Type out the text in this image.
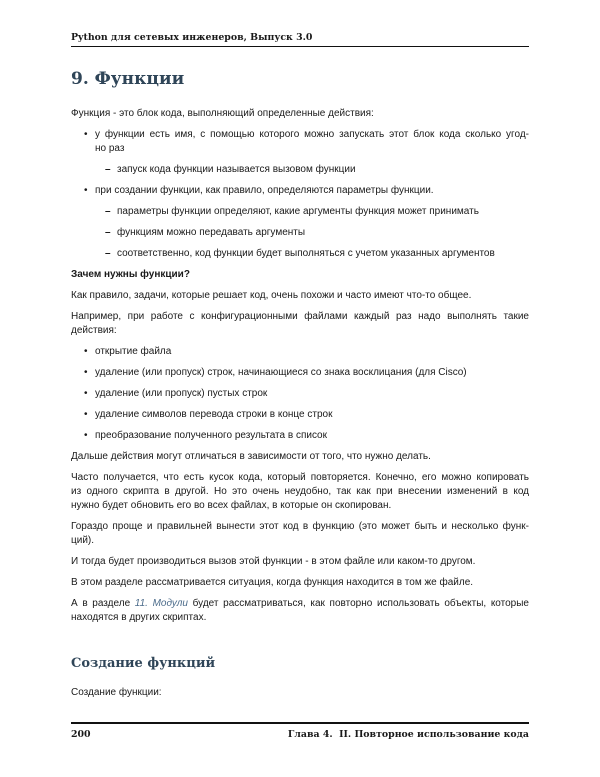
Python для сетевых инженеров, Выпуск 3.0
9. Функции
Функция - это блок кода, выполняющий определенные действия:
• у функции есть имя, с помощью которого можно запускать этот блок кода сколько угод-
но раз
– запуск кода функции называется вызовом функции
• при создании функции, как правило, определяются параметры функции.
– параметры функции определяют, какие аргументы функция может принимать
– функциям можно передавать аргументы
– соответственно, код функции будет выполняться с учетом указанных аргументов
Зачем нужны функции?
Как правило, задачи, которые решает код, очень похожи и часто имеют что-то общее.
Например, при работе с конфигурационными файлами каждый раз надо выполнять такие
действия:
• открытие файла
• удаление (или пропуск) строк, начинающиеся со знака восклицания (для Cisco)
• удаление (или пропуск) пустых строк
• удаление символов перевода строки в конце строк
• преобразование полученного результата в список
Дальше действия могут отличаться в зависимости от того, что нужно делать.
Часто получается, что есть кусок кода, который повторяется. Конечно, его можно копировать
из одного скрипта в другой. Но это очень неудобно, так как при внесении изменений в код
нужно будет обновить его во всех файлах, в которые он скопирован.
Гораздо проще и правильней вынести этот код в функцию (это может быть и несколько функ-
ций).
И тогда будет производиться вызов этой функции - в этом файле или каком-то другом.
В этом разделе рассматривается ситуация, когда функция находится в том же файле.
А в разделе 11. Модули будет рассматриваться, как повторно использовать объекты, которые
находятся в других скриптах.
Создание функций
Создание функции:
200	Глава 4.  II. Повторное использование кода
